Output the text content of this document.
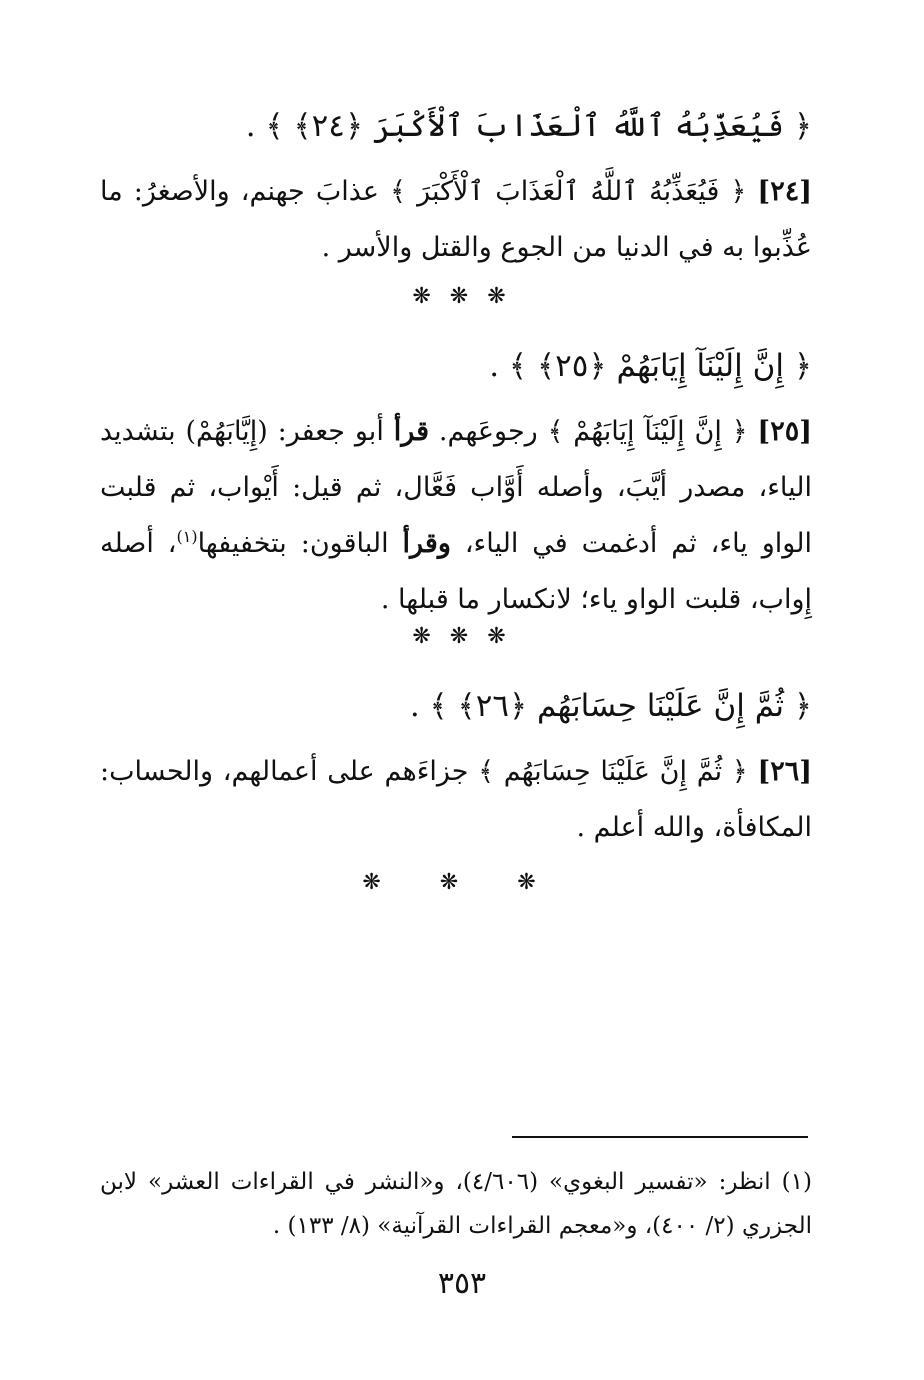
﴿ فَيُعَذِّبُهُ ٱللَّهُ ٱلْعَذَابَ ٱلْأَكْبَرَ ﴿٢٤﴾ ﴾ .
[٢٤] ﴿ فَيُعَذِّبُهُ ٱللَّهُ ٱلْعَذَابَ ٱلْأَكْبَرَ ﴾ عذابَ جهنم، والأصغرُ: ما عُذِّبوا به في الدنيا من الجوع والقتل والأسر .
❋ ❋ ❋
﴿ إِنَّ إِلَيْنَآ إِيَابَهُمْ ﴿٢٥﴾ ﴾ .
[٢٥] ﴿ إِنَّ إِلَيْنَآ إِيَابَهُمْ ﴾ رجوعَهم. قرأ أبو جعفر: (إِيَّابَهُمْ) بتشديد الياء، مصدر أيَّبَ، وأصله أَوَّاب فَعَّال، ثم قيل: أَيْواب، ثم قلبت الواو ياء، ثم أدغمت في الياء، وقرأ الباقون: بتخفيفها$^{(١)}$، أصله إِواب، قلبت الواو ياء؛ لانكسار ما قبلها .
❋ ❋ ❋
﴿ ثُمَّ إِنَّ عَلَيْنَا حِسَابَهُم ﴿٢٦﴾ ﴾ .
[٢٦] ﴿ ثُمَّ إِنَّ عَلَيْنَا حِسَابَهُم ﴾ جزاءَهم على أعمالهم، والحساب: المكافأة، والله أعلم .
❋ ❋ ❋
(١) انظر: «تفسير البغوي» (٤/٦٠٦)، و«النشر في القراءات العشر» لابن الجزري (٢/ ٤٠٠)، و«معجم القراءات القرآنية» (٨/ ١٣٣) .
٣٥٣
